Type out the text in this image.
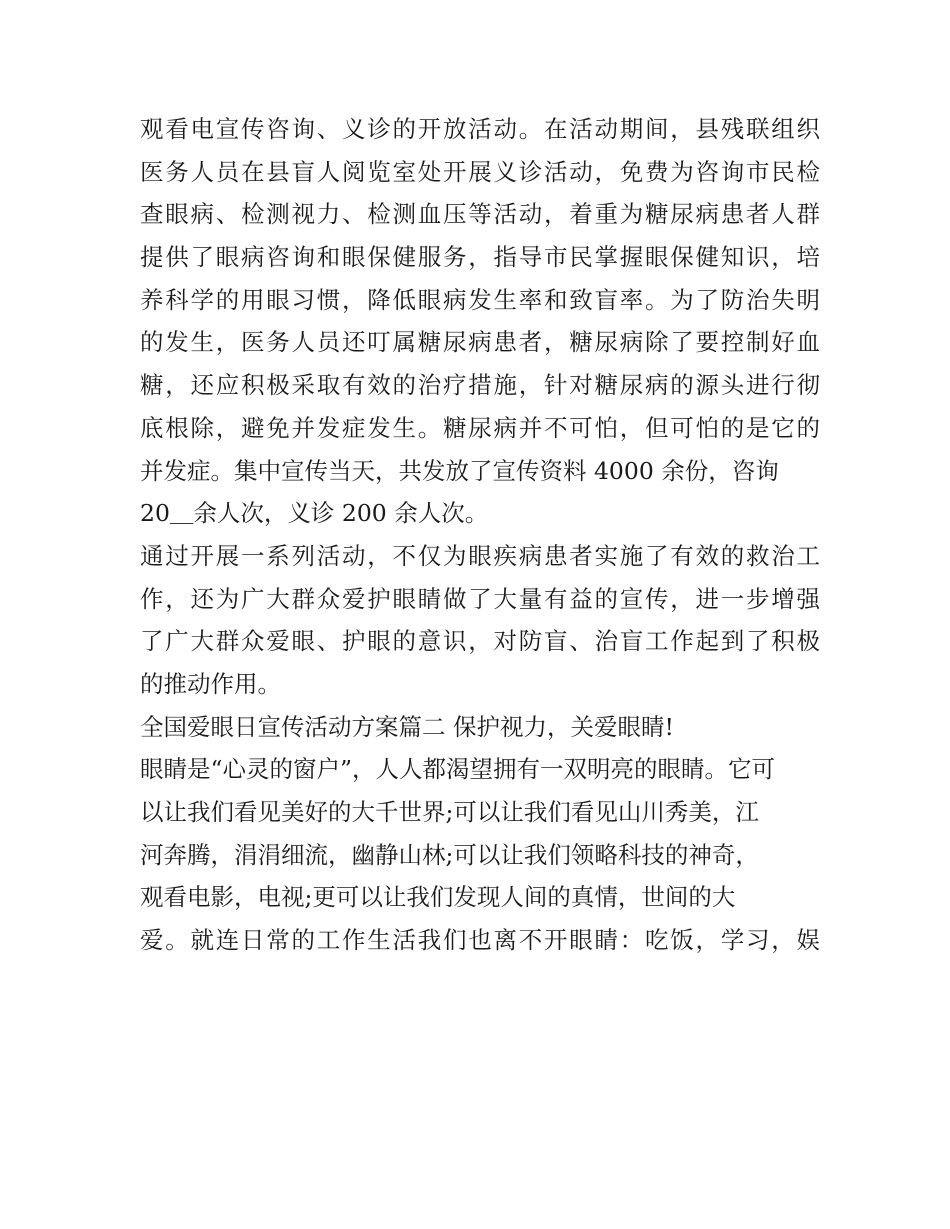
观看电宣传咨询、义诊的开放活动。在活动期间，县残联组织
医务人员在县盲人阅览室处开展义诊活动，免费为咨询市民检
查眼病、检测视力、检测血压等活动，着重为糖尿病患者人群
提供了眼病咨询和眼保健服务，指导市民掌握眼保健知识，培
养科学的用眼习惯，降低眼病发生率和致盲率。为了防治失明
的发生，医务人员还叮属糖尿病患者，糖尿病除了要控制好血
糖，还应积极采取有效的治疗措施，针对糖尿病的源头进行彻
底根除，避免并发症发生。糖尿病并不可怕，但可怕的是它的
并发症。集中宣传当天，共发放了宣传资料 4000 余份，咨询
20＿余人次，义诊 200 余人次。
通过开展一系列活动，不仅为眼疾病患者实施了有效的救治工
作，还为广大群众爱护眼睛做了大量有益的宣传，进一步增强
了广大群众爱眼、护眼的意识，对防盲、治盲工作起到了积极
的推动作用。
全国爱眼日宣传活动方案篇二 保护视力，关爱眼睛!
眼睛是“心灵的窗户”，人人都渴望拥有一双明亮的眼睛。它可
以让我们看见美好的大千世界;可以让我们看见山川秀美，江
河奔腾，涓涓细流，幽静山林;可以让我们领略科技的神奇，
观看电影，电视;更可以让我们发现人间的真情，世间的大
爱。就连日常的工作生活我们也离不开眼睛：吃饭，学习，娱
